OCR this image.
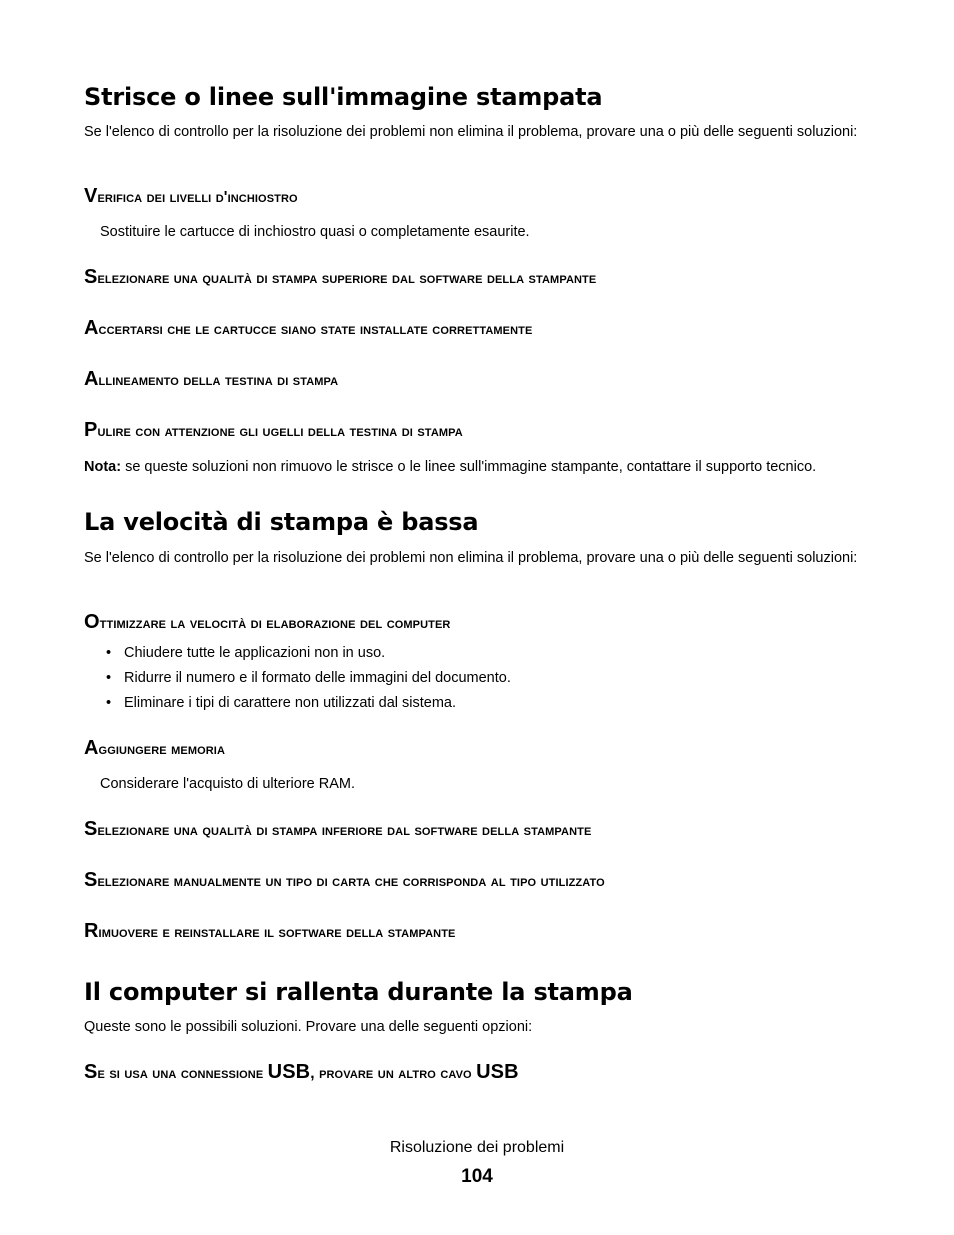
Strisce o linee sull'immagine stampata
Se l'elenco di controllo per la risoluzione dei problemi non elimina il problema, provare una o più delle seguenti soluzioni:
Verifica dei livelli d'inchiostro
Sostituire le cartucce di inchiostro quasi o completamente esaurite.
Selezionare una qualità di stampa superiore dal software della stampante
Accertarsi che le cartucce siano state installate correttamente
Allineamento della testina di stampa
Pulire con attenzione gli ugelli della testina di stampa
Nota: se queste soluzioni non rimuovo le strisce o le linee sull'immagine stampante, contattare il supporto tecnico.
La velocità di stampa è bassa
Se l'elenco di controllo per la risoluzione dei problemi non elimina il problema, provare una o più delle seguenti soluzioni:
Ottimizzare la velocità di elaborazione del computer
• Chiudere tutte le applicazioni non in uso.
• Ridurre il numero e il formato delle immagini del documento.
• Eliminare i tipi di carattere non utilizzati dal sistema.
Aggiungere memoria
Considerare l'acquisto di ulteriore RAM.
Selezionare una qualità di stampa inferiore dal software della stampante
Selezionare manualmente un tipo di carta che corrisponda al tipo utilizzato
Rimuovere e reinstallare il software della stampante
Il computer si rallenta durante la stampa
Queste sono le possibili soluzioni. Provare una delle seguenti opzioni:
Se si usa una connessione USB, provare un altro cavo USB
Risoluzione dei problemi
104
